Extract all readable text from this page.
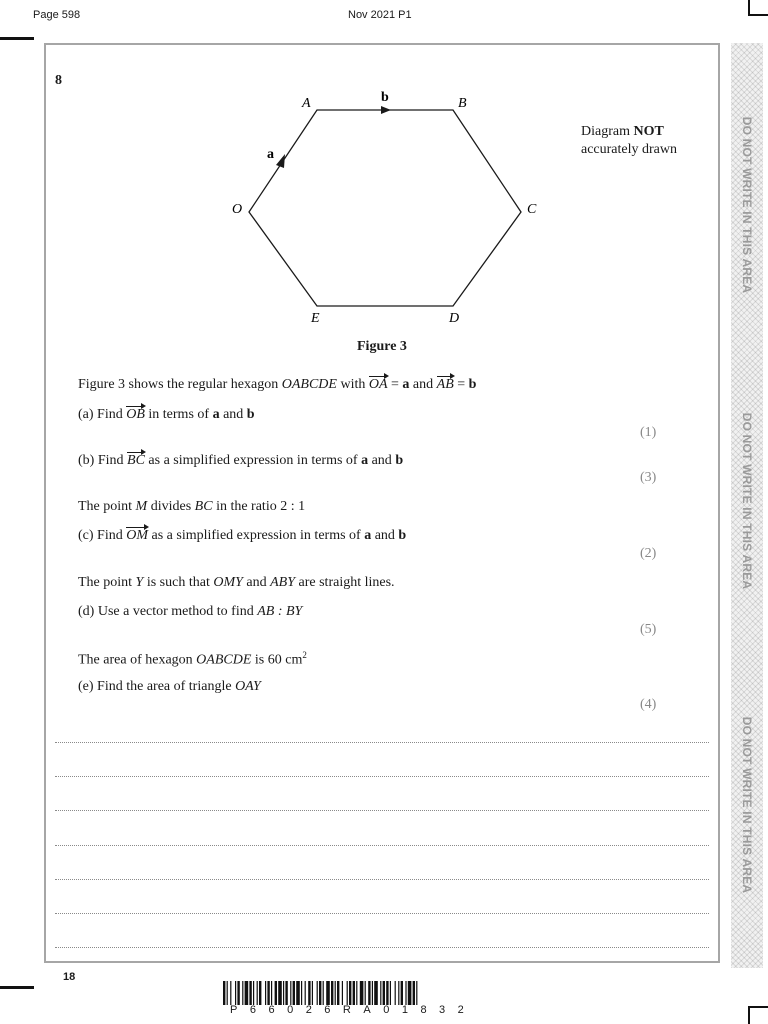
Page 598	Nov 2021 P1
DO NOT WRITE IN THIS AREA
DO NOT WRITE IN THIS AREA
DO NOT WRITE IN THIS AREA
8
A	B
C
D
E
O
b
a
Diagram NOT
accurately drawn
Figure 3
Figure 3 shows the regular hexagon OABCDE with OA = a and AB = b
(a) Find OB in terms of a and b
(1)
(b) Find BC as a simplified expression in terms of a and b
(3)
The point M divides BC in the ratio 2 : 1
(c) Find OM as a simplified expression in terms of a and b
(2)
The point Y is such that OMY and ABY are straight lines.
(d) Use a vector method to find AB : BY
(5)
The area of hexagon OABCDE is 60 $cm^2$
(e) Find the area of triangle OAY
(4)
18
P66026RA01832
